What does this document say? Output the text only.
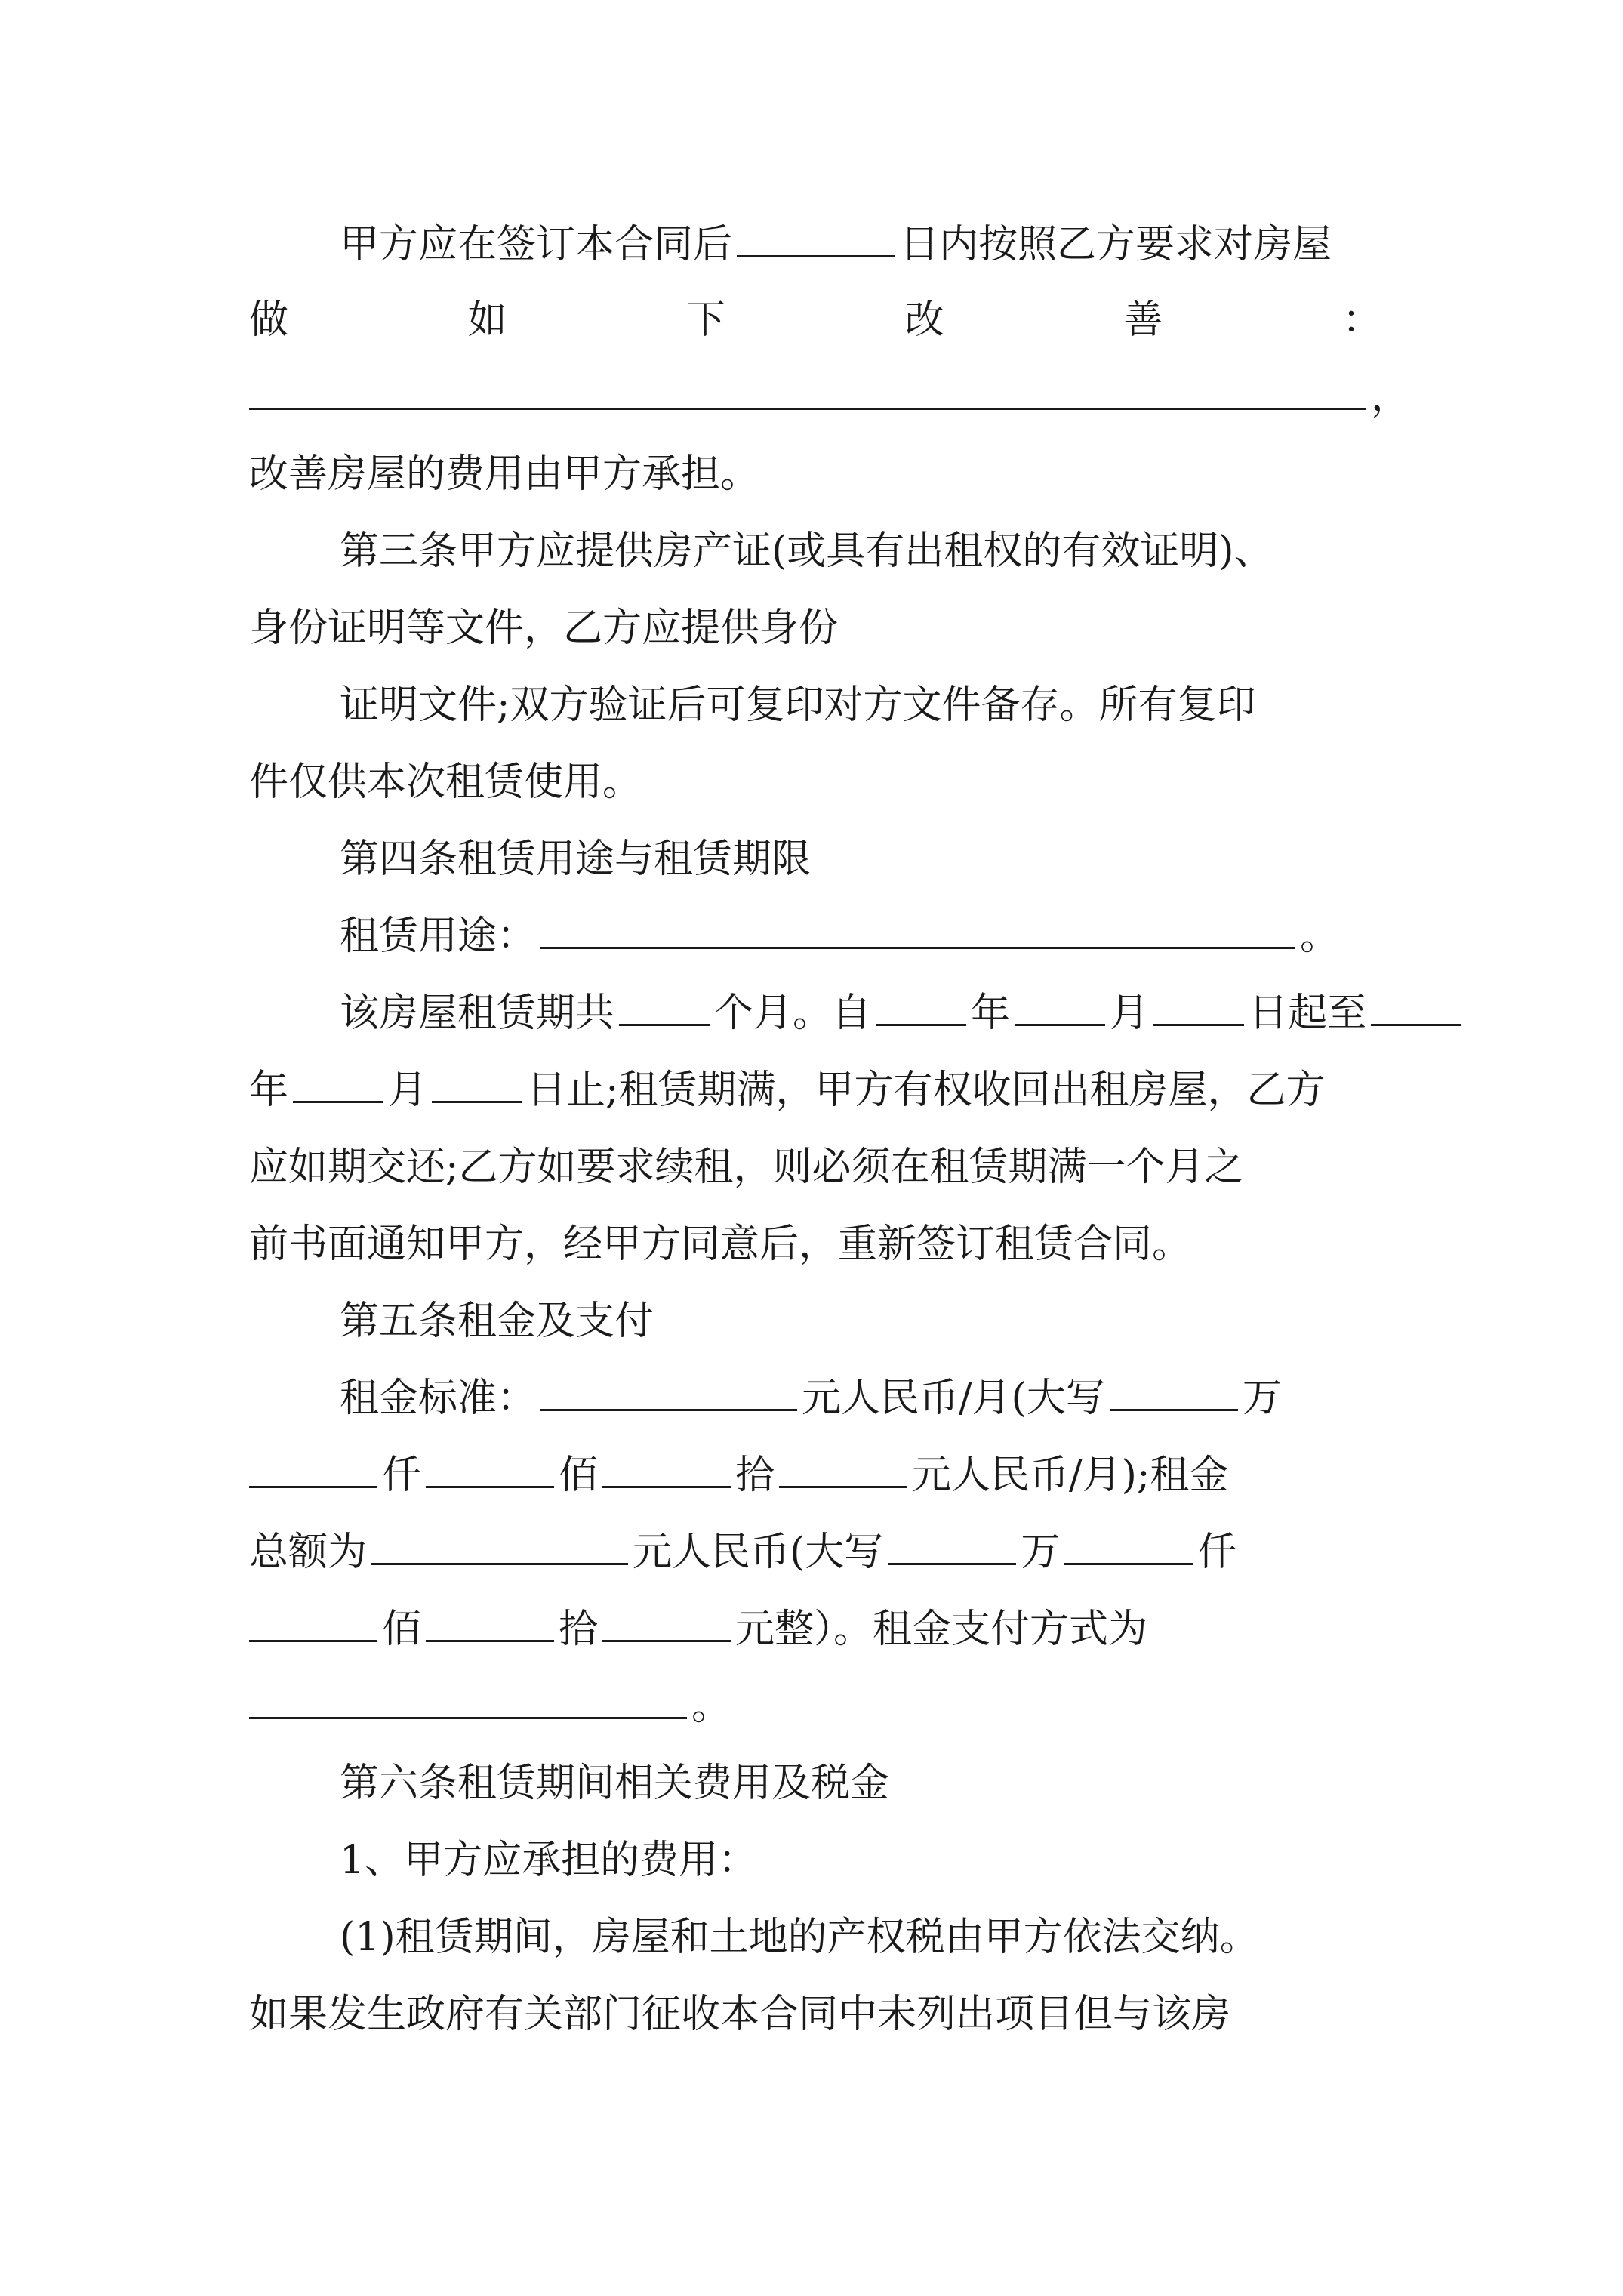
甲方应在签订本合同后	日内按照乙方要求对房屋
做	如	下	改	善	：
，
改善房屋的费用由甲方承担。
第三条甲方应提供房产证(或具有出租权的有效证明)、
身份证明等文件，乙方应提供身份
证明文件;双方验证后可复印对方文件备存。所有复印
件仅供本次租赁使用。
第四条租赁用途与租赁期限
租赁用途：	。
该房屋租赁期共	个月。自	年	月	日起至
年	月	日止;租赁期满，甲方有权收回出租房屋，乙方
应如期交还;乙方如要求续租，则必须在租赁期满一个月之
前书面通知甲方，经甲方同意后，重新签订租赁合同。
第五条租金及支付
租金标准：	元人民币/月(大写	万
仟	佰	拾	元人民币/月);租金
总额为	元人民币(大写	万	仟
佰	拾	元整）。租金支付方式为
。
第六条租赁期间相关费用及税金
1、甲方应承担的费用：
(1)租赁期间，房屋和土地的产权税由甲方依法交纳。
如果发生政府有关部门征收本合同中未列出项目但与该房
